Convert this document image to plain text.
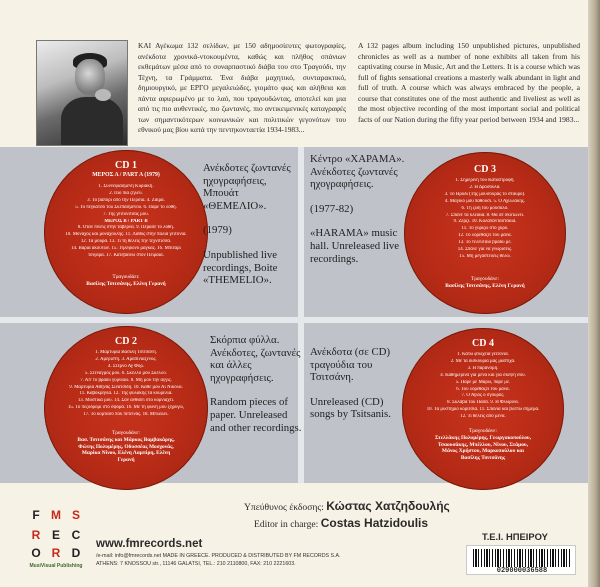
ΚΑΙ Αγέκωμα 132 σελίδων, με 150 αδημοσίευτες φωτογραφίες, ανέκδοτα χρονικά-ντοκουμέντα, καθώς και πλήθος σπάνιων εκθεμάτων μέσα από το συναρπαστικό διάβα του στο Τραγούδι, την Τέχνη, τα Γράμματα. Ένα διάβα μαχητικό, συνταρακτικό, δημιουργικό, με ΕΡΓΟ μεγαλειώδες, γιομάτο φως και αλήθεια και πάντα αφιερωμένο με το λαό, που τραγουδώντας, αποτελεί και μια από τις πιο αυθεντικές, πιο ζωντανές, πιο αντικειμενικές καταγραφές των σημαντικότερων κοινωνικών και πολιτικών γεγονότων του εθνικού μας βίου κατά την πεντηκονταετία 1934-1983...
A 132 pages album including 150 unpublished pictures, unpublished chronicles as well as a number of none exhibits all taken from his captivating course in Music, Art and the Letters. It is a course which was full of fights sensational creations a masterly walk abundant in light and full of truth. A course which was always embraced by the people, a course that constitutes one of the most authentic and liveliest as well as the most objective recording of the most important social and political facts of our Nation during the fifty year period between 1934 and 1983...
CD 1
ΜΕΡΟΣ Α / PART A (1979)
1. Συννεφιασμένη Κυριακή.
2. Πιο πια ζηλεύ.
3. Το βαπόρι από την Περσία. 4. Ζαίρα.
5. Το πεγκάτσο του Σκεπάσμένου. 6. Πάρε το λόθη.
7. Της γειτονίτσας μου.
ΜΕΡΟΣ Β / PART B
8. Όταν πίνεις στην ταβέρνα. 9. Πέρασε το λόθη.
10. Μοναχός και μοναχούλης. 11. Λάθος στην παλιά γειτονιά.
12. Τα μούρα. 13. Τι τη θέλεις την τεχνίτισσα.
14. Βαριά ακούτων. 15. Τηλέφωνο μάγκας. 16. Μπιτάρι
τσιγάρα. 17. Κατεβαίνω στον Πειραιά.
Τραγουδάει:
Βασίλης Τσιτσάνης, Ελένη Γερανή

Ανέκδοτες ζωντανές ηχογραφήσεις, Μπουάτ «ΘΕΜΕΛΙΟ».

(1979)

Unpublished live recordings, Boite «THEMELIO».

CD 3
1. Σημερινή του Καταστροφή.
2. Η Δροσούλα.
3. Το Ηρόδι (Της μουσούρας το σταυρό).
4. Μαγικό μου παθούσι. 5. Ο Αχιλλάκης.
6. Τη ζωή του μουσαλό.
7. Σπάνε τα κλειδιά. 8. Θα σε σκοτώνει.
9. Ζερζί. 10. Κολαπανταστάκια.
11. Το γυρίζω στο χορό.
12. Το λορεθάζει του μάνα.
13. Το τελευταίο βράδυ με.
14. Σπάνε για να γνωρίσεις.
15. Μη μεγαστεύεις θέλω.
Τραγουδάνε:
Βασίλης Τσιτσάνης, Ελένη Γερανή

Κέντρο «ΧΑΡΑΜΑ». Ανέκδοτες ζωντανές ηχογραφήσεις.

(1977-82)

«HARAMA» music hall. Unreleased live recordings.

CD 2
1. Μαρτυρία Βασίλη Τσιτσάνη.
2. Αμέριστη. 3. Αραπίνιαξενος.
4. Στερνό Αγ Φορ.
5. Στεναγμός μου. 6. Σκέλλο μου Σκέλλο.
7. Απ' το βράδυ γύρνιαω. 8. Μη μου την αγγίς.
9. Μαρτυρία Αθηνάς Σινατσίδη. 10. Κάθε μου Αι Νικόλα.
11. Καβοκρήνια. 12. Της φυλακής τα κουρέλια.
13. Μυστικά μου. 14. Σαν ανθίσει στο κορνιαχτί.
15. Το πεζοδρόμι στο σφορά. 16. Με τη φωνή μου ξηρύγω,
17. Το κορτάσο που πετεινάς. 18. Μπλάλει.
Τραγουδάνε:
Βασ. Τσιτσάνης και Μάρκος Βαμβακάρης, Φώτης Πολυμέρης, Οδυσσέας Μοσχονάς, Μαρίκα Νίνου, Ελένη Λαμπίρη, Ελένη Γερανή

Σκόρπια φύλλα. Ανέκδοτες, ζωντανές και άλλες ηχογραφήσεις.

Random pieces of paper. Unreleased and other recordings.

CD 4
1. Κάτω φτωχειά γειτονιά.
2. Με τα δισκούρια μας μαστίχα.
3. Η παράνομη.
4. Καθημερινά για μένα και για σκέψη σου.
5. Πάρε με Μάρω, πάρε με.
6. Του λορεθάζει του μάνα.
7. Ο Άγιος ο σγουρός.
8. Σκλάβα του Πασά. 9. Η Φλωρίνα.
10. Τα μυστήριο κορίτσια. 11. Σπανιά και βλέπω σήμερα.
12. Τι θέλεις από μένα.
Τραγουδάνε:
Στελλάκης Πολυμέρης, Γεωργακοπούλου, Τσαουσάκης, Μπέλλου, Νίνου, Στάμου, Μάνος Χρήστου, Μαρκοπούλου και Βασίλης Τσιτσάνης

Ανέκδοτα (σε CD) τραγούδια του Τσιτσάνη.

Unreleased (CD) songs by Tsitsanis.

Υπεύθυνος έκδοσης: Κώστας Χατζηδουλής
Editor in charge: Costas Hatzidoulis
F M
R E C
O R D
S
MusiVisual Publishing
www.fmrecords.net
/e-mail: info@fmrecords.net MADE IN GREECE. PRODUCED & DISTRIBUTED BY FM RECORDS S.A.
ATHENS: 7 KNOSSOU str., 11146 GALATSI, TEL.: 210 2110800, FAX: 210 2221603.
Τ.Ε.Ι. ΗΠΕΙΡΟΥ
029000036588
